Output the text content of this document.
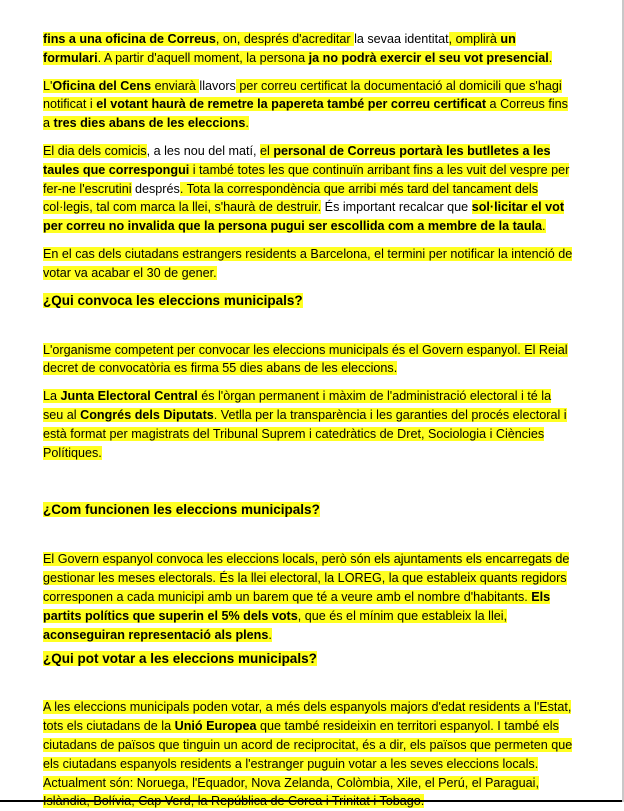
fins a una oficina de Correus, on, després d'acreditar la sevaa identitat, omplirà un formulari. A partir d'aquell moment, la persona ja no podrà exercir el seu vot presencial.

L'Oficina del Cens enviarà llavors per correu certificat la documentació al domicili que s'hagi notificat i el votant haurà de remetre la papereta també per correu certificat a Correus fins a tres dies abans de les eleccions.

El dia dels comicis, a les nou del matí, el personal de Correus portarà les butlletes a les taules que correspongui i també totes les que continuïn arribant fins a les vuit del vespre per fer-ne l'escrutini després. Tota la correspondència que arribi més tard del tancament dels col·legis, tal com marca la llei, s'haurà de destruir. És important recalcar que sol·licitar el vot per correu no invalida que la persona pugui ser escollida com a membre de la taula.

En el cas dels ciutadans estrangers residents a Barcelona, el termini per notificar la intenció de votar va acabar el 30 de gener.

¿Qui convoca les eleccions municipals?

L'organisme competent per convocar les eleccions municipals és el Govern espanyol. El Reial decret de convocatòria es firma 55 dies abans de les eleccions.

La Junta Electoral Central és l'òrgan permanent i màxim de l'administració electoral i té la seu al Congrés dels Diputats. Vetlla per la transparència i les garanties del procés electoral i està format per magistrats del Tribunal Suprem i catedràtics de Dret, Sociologia i Ciències Polítiques.

¿Com funcionen les eleccions municipals?

El Govern espanyol convoca les eleccions locals, però són els ajuntaments els encarregats de gestionar les meses electorals. És la llei electoral, la LOREG, la que estableix quants regidors corresponen a cada municipi amb un barem que té a veure amb el nombre d'habitants. Els partits polítics que superin el 5% dels vots, que és el mínim que estableix la llei, aconseguiran representació als plens.

¿Qui pot votar a les eleccions municipals?

A les eleccions municipals poden votar, a més dels espanyols majors d'edat residents a l'Estat, tots els ciutadans de la Unió Europea que també resideixin en territori espanyol. I també els ciutadans de països que tinguin un acord de reciprocitat, és a dir, els països que permeten que els ciutadans espanyols residents a l'estranger puguin votar a les seves eleccions locals. Actualment són: Noruega, l'Equador, Nova Zelanda, Colòmbia, Xile, el Perú, el Paraguai,
